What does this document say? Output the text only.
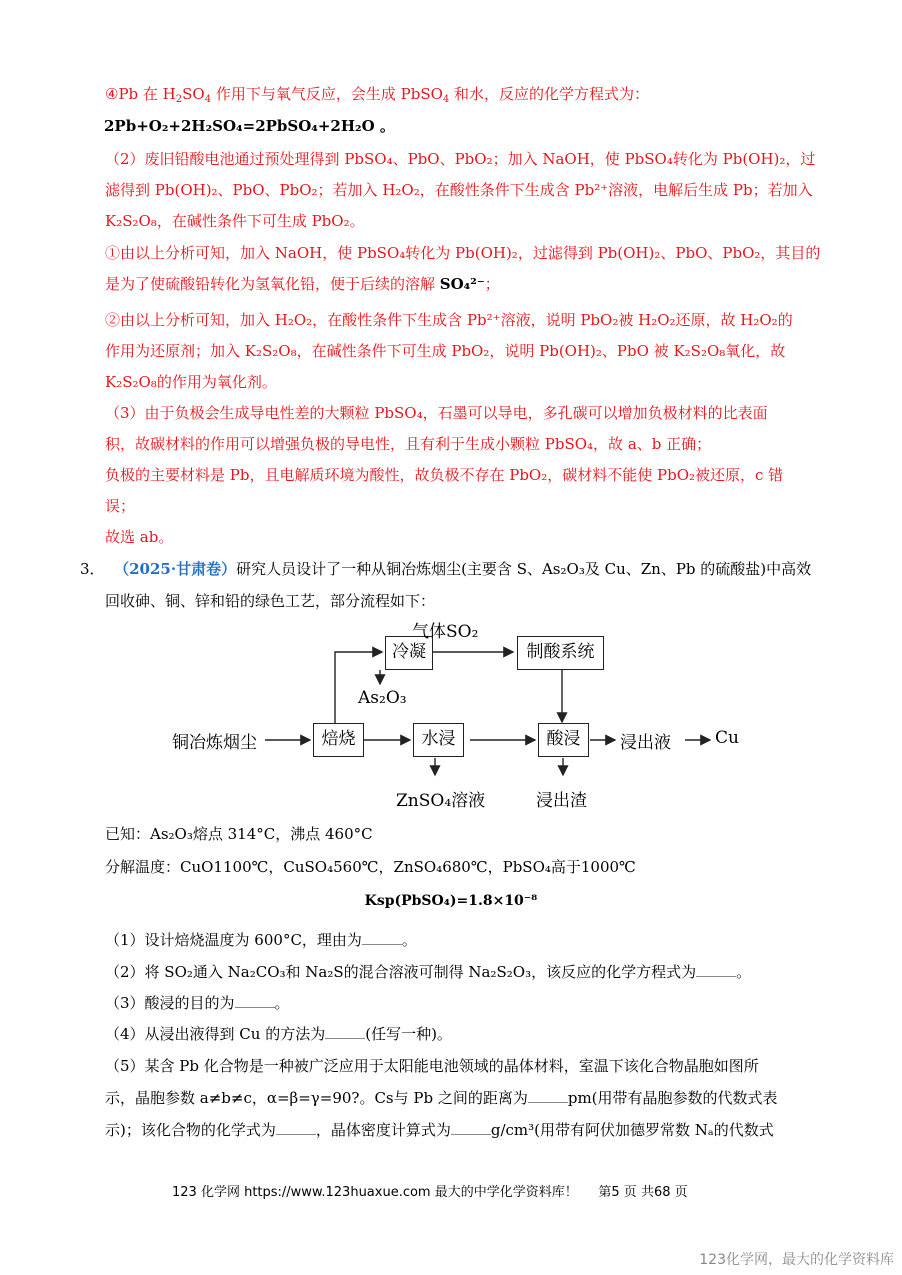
④Pb 在 $H_2SO_4$ 作用下与氧气反应，会生成 PbSO$_4$ 和水，反应的化学方程式为：
2Pb+O₂+2H₂SO₄=2PbSO₄+2H₂O 。
（2）废旧铅酸电池通过预处理得到 PbSO₄、PbO、PbO₂；加入 NaOH，使 PbSO₄转化为 Pb(OH)₂，过
滤得到 Pb(OH)₂、PbO、PbO₂；若加入 H₂O₂，在酸性条件下生成含 Pb²⁺溶液，电解后生成 Pb；若加入
K₂S₂O₈，在碱性条件下可生成 PbO₂。
①由以上分析可知，加入 NaOH，使 PbSO₄转化为 Pb(OH)₂，过滤得到 Pb(OH)₂、PbO、PbO₂，其目的
是为了使硫酸铅转化为氢氧化铅，便于后续的溶解 SO₄²⁻；
②由以上分析可知，加入 H₂O₂，在酸性条件下生成含 Pb²⁺溶液，说明 PbO₂被 H₂O₂还原，故 H₂O₂的
作用为还原剂；加入 K₂S₂O₈，在碱性条件下可生成 PbO₂，说明 Pb(OH)₂、PbO 被 K₂S₂O₈氧化，故
K₂S₂O₈的作用为氧化剂。
（3）由于负极会生成导电性差的大颗粒 PbSO₄，石墨可以导电，多孔碳可以增加负极材料的比表面
积，故碳材料的作用可以增强负极的导电性，且有利于生成小颗粒 PbSO₄，故 a、b 正确；
负极的主要材料是 Pb，且电解质环境为酸性，故负极不存在 PbO₂，碳材料不能使 PbO₂被还原，c 错
误；
故选 ab。
3． （2025·甘肃卷）研究人员设计了一种从铜冶炼烟尘(主要含 S、As₂O₃及 Cu、Zn、Pb 的硫酸盐)中高效
回收砷、铜、锌和铅的绿色工艺，部分流程如下：
铜冶炼烟尘	焙烧
冷凝
气体SO₂
制酸系统
As₂O₃
水浸
ZnSO₄溶液
酸浸	浸出液	Cu
浸出渣
已知：As₂O₃熔点 314°C，沸点 460°C
分解温度：CuO1100℃，CuSO₄560℃，ZnSO₄680℃，PbSO₄高于1000℃
Ksp(PbSO₄)=1.8×10⁻⁸
（1）设计焙烧温度为 600°C，理由为	。
（2）将 SO₂通入 Na₂CO₃和 Na₂S的混合溶液可制得 Na₂S₂O₃，该反应的化学方程式为	。
（3）酸浸的目的为	。
（4）从浸出液得到 Cu 的方法为	(任写一种)。
（5）某含 Pb 化合物是一种被广泛应用于太阳能电池领域的晶体材料，室温下该化合物晶胞如图所
示，晶胞参数 a≠b≠c，α=β=γ=90?。Cs与 Pb 之间的距离为	pm(用带有晶胞参数的代数式表
示)；该化合物的化学式为	，晶体密度计算式为	g/cm³(用带有阿伏加德罗常数 Nₐ的代数式
123 化学网 https://www.123huaxue.com 最大的中学化学资料库！ 第5 页 共68 页
123化学网，最大的化学资料库
